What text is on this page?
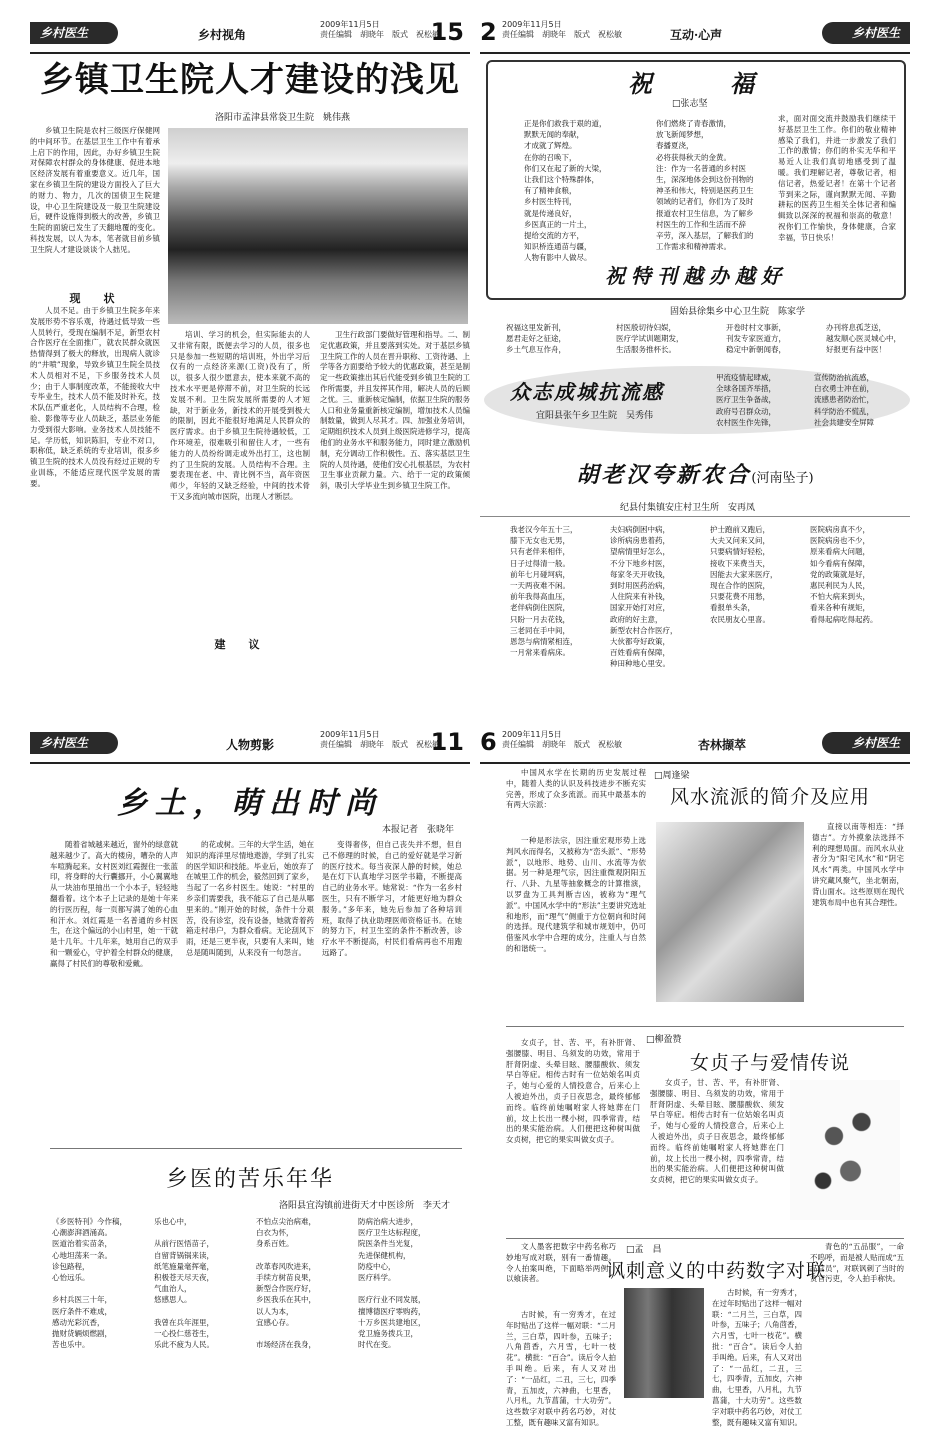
乡村医生	乡村视角
2009年11月5日
责任编辑　胡晓年　版式　祝松敏
15
乡镇卫生院人才建设的浅见
洛阳市孟津县常袋卫生院　姚伟燕
乡镇卫生院是农村三级医疗保健网的中间环节。在基层卫生工作中有着承上启下的作用，因此，办好乡镇卫生院对保障农村群众的身体健康、促进本地区经济发展有着重要意义。近几年，国家在乡镇卫生院的建设方面投入了巨大的财力、物力，几次的国债卫生院建设，中心卫生院建设及一般卫生院建设后，硬件设施得到极大的改善，乡镇卫生院的面貌已发生了天翻地覆的变化。科技发展，以人为本，笔者就目前乡镇卫生院人才建设谈谈个人拙见。
现　状
人员不足。由于乡镇卫生院多年来发展形势不容乐观，待遇过低导致一些人员转行，受现在编制不足，新型农村合作医疗在全面推广，就农民群众就医热情得到了极大的释放，出现病人就诊的“井喷”现象，导致乡镇卫生院全员技术人员相对不足，下乡服务技术人员少；由于人事制度改革，不能接收大中专毕业生，技术人员不能及时补充，技术队伍严重老化，人员结构不合理，检验、影像等专业人员缺乏，基层业务能力受到很大影响。业务技术人员技能不足。学历低，知识陈旧，专业不对口，职称低，缺乏系统的专业培训，很多乡镇卫生院的技术人员没有经过正规的专业训练，不能适应现代医学发展的需要。
培训、学习的机会，但实际能去的人又非常有限，既便去学习的人员，很多也只是参加一些短期的培训班，外出学习后仅有的一点经济来源(工资)没有了，所以，很多人很少愿意去，使本来就不高的技术水平更是停滞不前，对卫生院的长远发展不利。卫生院发展所需要的人才短缺，对于新业务，新技术的开展受到极大的限制，因此不能很好地满足人民群众的医疗需求。由于乡镇卫生院待遇较低，工作环境差，很难吸引和留住人才，一些有能力的人员纷纷调走或外出打工，这也制约了卫生院的发展。人员结构不合理。主要表现在老、中、青比例不当，高年资医师少，年轻的又缺乏经验，中间的技术骨干又多流向城市医院，出现人才断层。
建　议
卫生行政部门要做好管理和指导。二、制定优惠政策，并且要落到实处。对于基层乡镇卫生院工作的人员在晋升职称、工资待遇、上学等各方面要给予较大的优惠政策，甚至是制定一些政策推出其后代能受到乡镇卫生院的工作所需要，并且发挥其作用，解决人员的后顾之忧。三、重新核定编制，依据卫生院的服务人口和业务量重新核定编制，增加技术人员编制数量，做到人尽其才。四、加强业务培训，定期组织技术人员到上级医院进修学习，提高他们的业务水平和服务能力，同时建立激励机制，充分调动工作积极性。五、落实基层卫生院的人员待遇，使他们安心扎根基层，为农村卫生事业贡献力量。六、给于一定的政策倾斜，吸引大学毕业生到乡镇卫生院工作。
2 2009年11月5日
责任编辑　胡晓年　版式　祝松敏	互动·心声	乡村医生
祝　　福
□张志坚
正是你们救我于艰的道，
默默无闻的奉献，
才成就了辉煌。
在你的召唤下，
你们又在起了新的大梁，
让我们这个特殊群体，
有了精神食粮，
乡村医生特刊，
就是传递良好，
乡医真正的一片土，
提给交流的方平，
知识桥连通苗与疆，
人物有影中人做尽。
你们燃烧了青春激情，
放飞新闻梦想，
春播夏浇，
必将获得秋天的金黄。
注：作为一名普通的乡村医
生，深深地体会到这份刊物的
神圣和伟大，特别是医药卫生
领域的记者们，你们为了及时
报道农村卫生信息，为了解乡
村医生的工作和生活而不辞
辛劳，深入基层，了解我们的
工作需求和精神需求。
求，面对面交流并鼓励我们继续干好基层卫生工作。你们的敬业精神感染了我们，并进一步激发了我们工作的激情；你们的朴实无华和平易近人让我们真切地感受到了温暖。我们理解记者，尊敬记者，相信记者，热爱记者！在第十个记者节到来之际，谨向默默无闻、辛勤耕耘的医药卫生相关全体记者和编辑致以深深的祝福和崇高的敬意！祝你们工作愉快，身体健康，合家幸福，节日快乐！
祝特刊越办越好
固始县徐集乡中心卫生院　陈家学
祝福这里发新刊，
愿君走好之征途，
乡土气息互作舟，
村医殷切待妇娱，
医疗学试训题期发，
生活服务推杯长。
开卷时村文事新，
刊发专家医道方，
稳定中新朝闻春，
办刊将息孤芝送，
越发顺心医灵城心中，
好报更有益中医！
众志成城抗流感
宜阳县张午乡卫生院　吴秀伟
甲流疫情起肆威，
全球各国齐举措，
医疗卫生争备战，
政府号召群众动，
农村医生作先锋，
宣传防治抗流感，
白衣勇士冲在前，
流感患者防治忙，
科学防治不慌乱，
社会共建安全屏障
胡老汉夸新农合(河南坠子)
纪县付集镇安庄村卫生所　安再凤
我老汉今年五十三，
膝下无女也无男，
只有老伴来相伴，
日子过得清一般。
前年七月碰坷病，
一天两夜难不闲。
前年我得高血压，
老伴病倒住医院，
只盼一月去花钱，
三老同在手中间，
恩怨与病情紧相连，
一月常来看病床。
夫妇病倒困中病，
诊所病房患着药，
望病情里好怎么，
不分下地乡村医，
每家冬天开收钱，
到时用医药治病，
人住院来有补钱，
国家开始打对应，
政府的好主意，
新型农村合作医疗，
大伙都夸好政策，
百姓看病有保障，
种田种地心里安。
护士跑前又跑后，
大夫又问来又问，
只要病情好轻松，
接收下来费当天，
因能去大家来医疗，
现在合作的医院，
只要花费不用愁，
看报单头条，
农民朋友心里喜。
医院病房真不少，
医院病房也不少，
原来看病大问题，
如今看病有保障，
党的政策就是好，
惠民利民为人民，
不怕大病来到头，
看来各种有规矩，
看得起病吃得起药。
乡村医生	人物剪影
2009年11月5日
责任编辑　胡晓年　版式　祝松敏
11
乡土，萌出时尚
本报记者　张晓年
随着省城越来越近，窗外的绿意就越来越少了。高大的楼房，嘈杂的人声车喧腾起来。女村医刘红霞握住一张蓝印，将身畔的大行囊挪开，小心翼翼地从一块油布里抽出一个小本子，轻轻地翻看着。这个本子上记录的是她十年来的行医历程，每一页都写满了她的心血和汗水。刘红霞是一名普通的乡村医生，在这个偏远的小山村里，她一干就是十几年。十几年来，她用自己的双手和一颗爱心，守护着全村群众的健康，赢得了村民们的尊敬和爱戴。
的花或树。三年的大学生活，她在知识的海洋里尽情地遨游，学到了扎实的医学知识和技能。毕业后，她放弃了在城里工作的机会，毅然回到了家乡，当起了一名乡村医生。她说：“村里的乡亲们需要我，我不能忘了自己是从哪里来的。”刚开始的时候，条件十分艰苦，没有诊室，没有设备，她就背着药箱走村串户，为群众看病。无论刮风下雨，还是三更半夜，只要有人来叫，她总是随叫随到，从来没有一句怨言。
变得奢侈，但自己丧失并不想，但自己不修理的时候，自己的爱好就是学习新的医疗技术。每当夜深人静的时候，她总是在灯下认真地学习医学书籍，不断提高自己的业务水平。她常说：“作为一名乡村医生，只有不断学习，才能更好地为群众服务。”多年来，她先后参加了各种培训班，取得了执业助理医师资格证书。在她的努力下，村卫生室的条件不断改善，诊疗水平不断提高，村民们看病再也不用跑远路了。
乡医的苦乐年华
洛阳县宜沟镇前进街天才中医诊所　李天才
《乡医特刊》今作稿，
心潮澎湃酒涌高。
医道治着实苗条，
心地坦荡来一条。
诊包路程，
心怡远乐。
乡村兵医三十年，
医疗条件不难成，
感动光彩沉香，
抛财货辆烦燃剧，
苦也乐中。
乐也心中，
从前行医悟苗子，
自留背锅锅来读，
纸笔施量毫挥毫，
积极苍天尽天夜，
气血治人，
悠感思人。
我曾在兵年涯里，
一心投仁慈苍生，
乐此不疲为人民。
不怕点尖治病难，
白衣为怀，
身系百姓。
改革春风吹进来，
手续方树苗良果，
新型合作医疗好，
乡医我乐在其中，
以人为本，
宜感心存。
市场经济在我身，
防病治病大进步，
医疗卫生达标程度，
院医条件当光复，
先进保健机构，
防疫中心，
医疗科学。
医疗行业不同发展，
擅博德医疗零购药，
十万乡医共建地区，
党卫施务拨兵卫，
时代在变。
6 2009年11月5日
责任编辑　胡晓年　版式　祝松敏	杏林撷萃	乡村医生
中国风水学在长期的历史发展过程中，随着人类的认识及科技进步不断充实完善，形成了众多流派。而其中最基本的有两大宗派：
□周逢梁
风水流派的简介及应用
一种是形法宗，因注重宏观形势上选判风水而得名，又被称为“峦头派”、“形势派”，以地形、地势、山川、水流等为依据。另一种是理气宗，因注重微观阴阳五行、八卦、九星等抽象概念的计算推演，以罗盘为工具判断吉凶，被称为“理气派”。中国风水学中的“形法”主要讲究选址和地形，而“理气”侧重于方位朝向和时间的选择。现代建筑学和城市规划中，仍可借鉴风水学中合理的成分，注重人与自然的和谐统一。
直接以南等相连：“择德吉”。方外摸象法选择不利的理想局面。而风水从业者分为“阳宅风水”和“阴宅风水”两类。中国风水学中讲究藏风聚气，坐北朝南，背山面水。这些原则在现代建筑布局中也有其合理性。
□柳盈赞
女贞子与爱情传说
女贞子，甘、苦、平，有补肝肾、强腰膝、明目、乌须发的功效，常用于肝肾阴虚、头晕目眩、腰膝酸软、须发早白等症。相传古时有一位姑娘名叫贞子，她与心爱的人情投意合，后来心上人被迫外出，贞子日夜思念，最终郁郁而终。临终前她嘱咐家人将她葬在门前，坟上长出一棵小树，四季常青，结出的果实能治病。人们便把这种树叫做女贞树，把它的果实叫做女贞子。
女贞子，甘、苦、平，有补肝肾、强腰膝、明目、乌须发的功效，常用于肝肾阴虚、头晕目眩、腰膝酸软、须发早白等症。相传古时有一位姑娘名叫贞子，她与心爱的人情投意合，后来心上人被迫外出，贞子日夜思念，最终郁郁而终。临终前她嘱咐家人将她葬在门前，坟上长出一棵小树，四季常青，结出的果实能治病。人们便把这种树叫做女贞树，把它的果实叫做女贞子。
文人墨客把数字中药名称巧妙地写成对联，别有一番情趣。令人拍案叫绝，下面略举两例，以飨读者。
□孟　昌
讽刺意义的中药数字对联
古时候，有一穷秀才，在过年时贴出了这样一幅对联：“二月兰，三白草，四叶参，五味子；八角茴香，六月雪，七叶一枝花”。横批：“百合”。读后令人拍手叫绝。后来，有人又对出了：“一品红，二丑，三七，四季青，五加皮，六神曲，七里香，八月札，九节菖蒲，十大功劳”。这些数字对联中药名巧妙，对仗工整，既有趣味又富有知识。
古时候，有一穷秀才，在过年时贴出了这样一幅对联：“二月兰，三白草，四叶参，五味子；八角茴香，六月雪，七叶一枝花”。横批：“百合”。读后令人拍手叫绝。后来，有人又对出了：“一品红，二丑，三七，四季青，五加皮，六神曲，七里香，八月札，九节菖蒲，十大功劳”。这些数字对联中药名巧妙，对仗工整，既有趣味又富有知识。
青色的“五品服”，一命不呜呼，而是被人贴而成“五品官员”，对联讽刺了当时的贪官污吏，令人拍手称快。
